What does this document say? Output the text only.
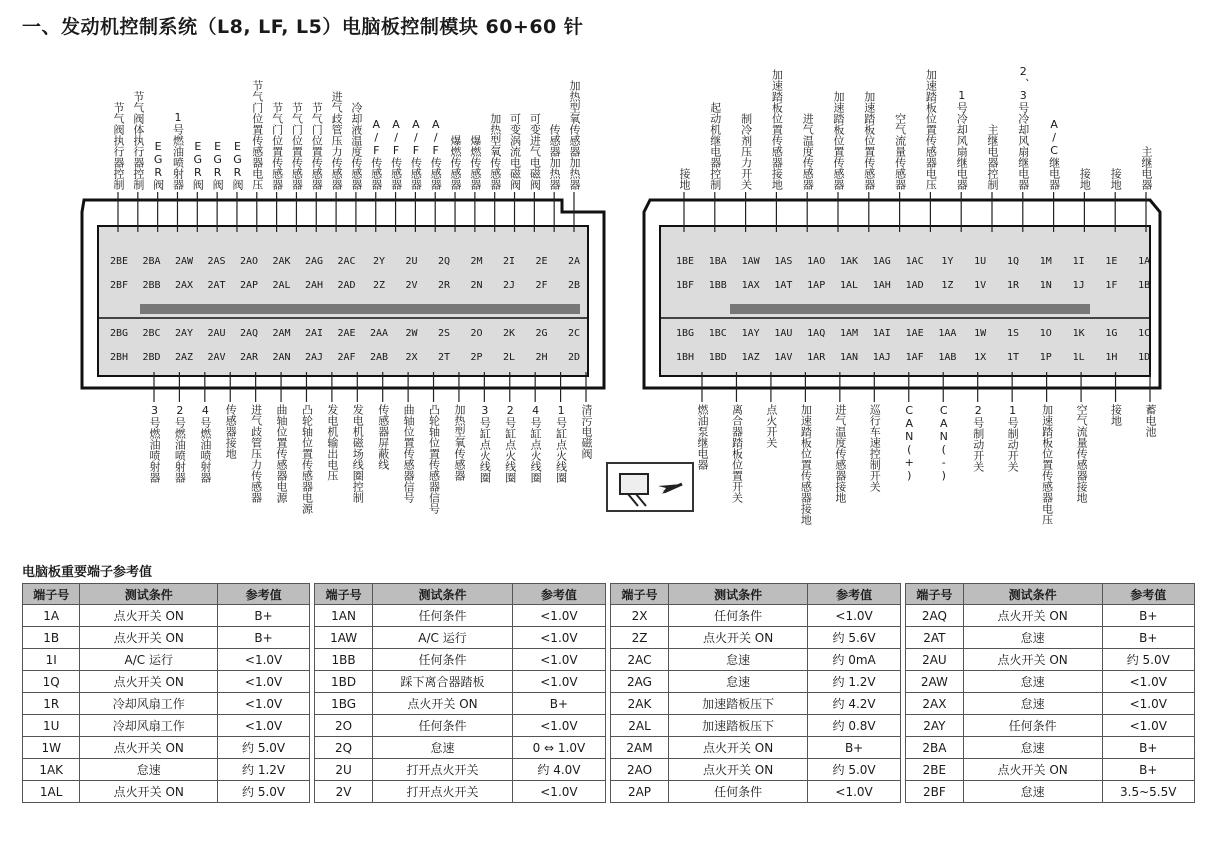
一、发动机控制系统（L8, LF, L5）电脑板控制模块 60+60 针
节气阀执行器控制 节气阀体执行器控制 EGR阀 1号燃油喷射器 EGR阀 EGR阀 EGR阀 节气门位置传感器电压 节气门位置传感器 节气门位置传感器 节气门位置传感器 进气歧管压力传感器 冷却液温度传感器 A/F传感器 A/F传感器 A/F传感器 A/F传感器 爆燃传感器 爆燃传感器 加热型氧传感器 可变涡流电磁阀 可变进气电磁阀 传感器加热器 加热型氧传感器加热器
3号燃油喷射器 2号燃油喷射器 4号燃油喷射器 传感器接地 进气歧管压力传感器 曲轴位置传感器电源 凸轮轴位置传感器电源 发电机输出电压 发电机磁场线圈控制 传感器屏蔽线 曲轴位置传感器信号 凸轮轴位置传感器信号 加热型氧传感器 3号缸点火线圈 2号缸点火线圈 4号缸点火线圈 1号缸点火线圈 清污电磁阀
接地 起动机继电器控制 制冷剂压力开关 加速踏板位置传感器接地 进气温度传感器 加速踏板位置传感器 加速踏板位置传感器 空气流量传感器 加速踏板位置传感器电压 1号冷却风扇继电器 主继电器控制 2、3号冷却风扇继电器 A/C继电器 接地 接地 主继电器
燃油泵继电器 离合器踏板位置开关 点火开关 加速踏板位置传感器接地 进气温度传感器接地 巡行车速控制开关 CAN(+) CAN(-) 2号制动开关 1号制动开关 加速踏板位置传感器电压 空气流量传感器接地 接地 蓄电池
2BE	2BA	2AW	2AS	2AO	2AK	2AG	2AC	2Y	2U	2Q	2M	2I	2E	2A	1BE	1BA	1AW	1AS	1AO	1AK	1AG	1AC	1Y	1U	1Q	1M	1I	1E	1A
2BF	2BB	2AX	2AT	2AP	2AL	2AH	2AD	2Z	2V	2R	2N	2J	2F	2B	1BF	1BB	1AX	1AT	1AP	1AL	1AH	1AD	1Z	1V	1R	1N	1J	1F	1B
2BG	2BC	2AY	2AU	2AQ	2AM	2AI	2AE	2AA	2W	2S	2O	2K	2G	2C	1BG	1BC	1AY	1AU	1AQ	1AM	1AI	1AE	1AA	1W	1S	1O	1K	1G	1C
2BH	2BD	2AZ	2AV	2AR	2AN	2AJ	2AF	2AB	2X	2T	2P	2L	2H	2D	1BH	1BD	1AZ	1AV	1AR	1AN	1AJ	1AF	1AB	1X	1T	1P	1L	1H	1D
电脑板重要端子参考值
端子号	测试条件	参考值
1A	点火开关 ON	B+
1B	点火开关 ON	B+
1I	A/C 运行	<1.0V
1Q	点火开关 ON	<1.0V
1R	冷却风扇工作	<1.0V
1U	冷却风扇工作	<1.0V
1W	点火开关 ON	约 5.0V
1AK	怠速	约 1.2V
1AL	点火开关 ON	约 5.0V
端子号	测试条件	参考值
1AN	任何条件	<1.0V
1AW	A/C 运行	<1.0V
1BB	任何条件	<1.0V
1BD	踩下离合器踏板	<1.0V
1BG	点火开关 ON	B+
2O	任何条件	<1.0V
2Q	怠速	0 ⇔ 1.0V
2U	打开点火开关	约 4.0V
2V	打开点火开关	<1.0V
端子号	测试条件	参考值
2X	任何条件	<1.0V
2Z	点火开关 ON	约 5.6V
2AC	怠速	约 0mA
2AG	怠速	约 1.2V
2AK	加速踏板压下	约 4.2V
2AL	加速踏板压下	约 0.8V
2AM	点火开关 ON	B+
2AO	点火开关 ON	约 5.0V
2AP	任何条件	<1.0V
端子号	测试条件	参考值
2AQ	点火开关 ON	B+
2AT	怠速	B+
2AU	点火开关 ON	约 5.0V
2AW	怠速	<1.0V
2AX	怠速	<1.0V
2AY	任何条件	<1.0V
2BA	怠速	B+
2BE	点火开关 ON	B+
2BF	怠速	3.5~5.5V
